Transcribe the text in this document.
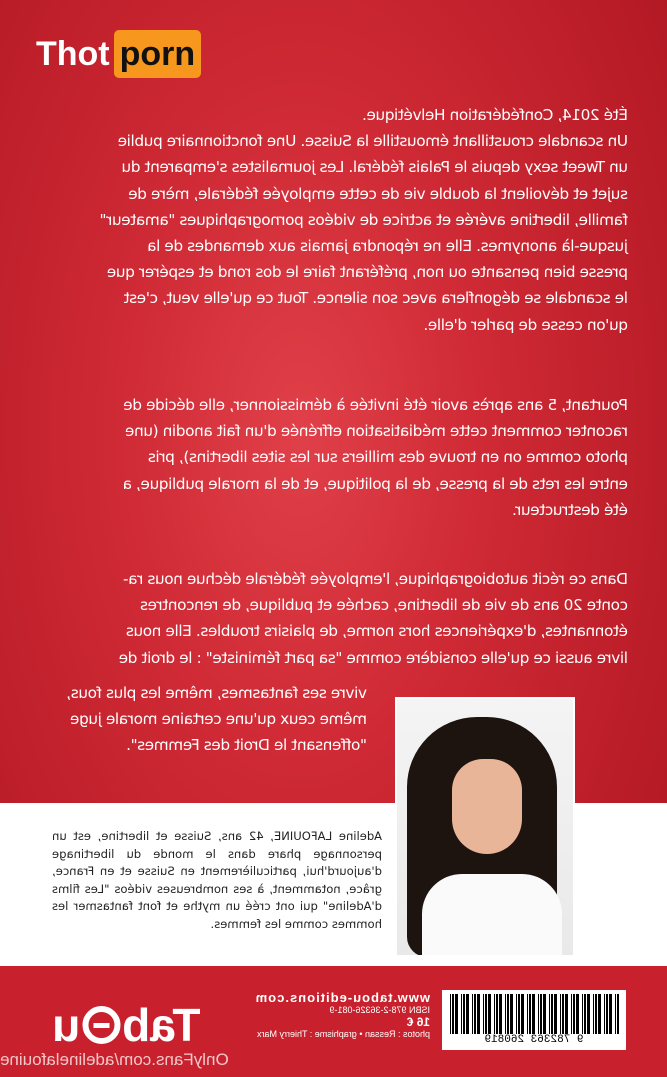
Thot porn
Été 2014, Confédération Helvétique.
Un scandale croustillant émoustille la Suisse. Une fonctionnaire publie
un Tweet sexy depuis le Palais fédéral. Les journalistes s'emparent du
sujet et dévoilent la double vie de cette employée fédérale, mère de
famille, libertine avérée et actrice de vidéos pornographiques "amateur"
jusque-là anonymes. Elle ne répondra jamais aux demandes de la
presse bien pensante ou non, préférant faire le dos rond et espérer que
le scandale se dégonflera avec son silence. Tout ce qu'elle veut, c'est
qu'on cesse de parler d'elle.
Pourtant, 5 ans après avoir été invitée à démissionner, elle décide de
raconter comment cette médiatisation effrénée d'un fait anodin (une
photo comme on en trouve des milliers sur les sites libertins), pris
entre les rets de la presse, de la politique, et de la morale publique, a
été destructeur.
Dans ce récit autobiographique, l'employée fédérale déchue nous ra-
conte 20 ans de vie de libertine, cachée et publique, de rencontres
étonnantes, d'expériences hors norme, de plaisirs troubles. Elle nous
livre aussi ce qu'elle considère comme "sa part féministe" : le droit de
vivre ses fantasmes, même les plus fous,
même ceux qu'une certaine morale juge
"offensant le Droit des Femmes".
Adeline LAFOUINE, 42 ans, Suisse et libertine, est un personnage phare dans le monde du libertinage d'aujourd'hui, particulièrement en Suisse et en France, grâce, notamment, à ses nombreuses vidéos "Les films d'Adeline" qui ont créé un mythe et font fantasmer les hommes comme les femmes.
Tab
u
www.tabou-editions.com
ISBN 978-2-36326-081-9
16 €
photos : Ressan • graphisme : Thierry Marx	9 782363 260819
OnlyFans.com/adelinelafouine
